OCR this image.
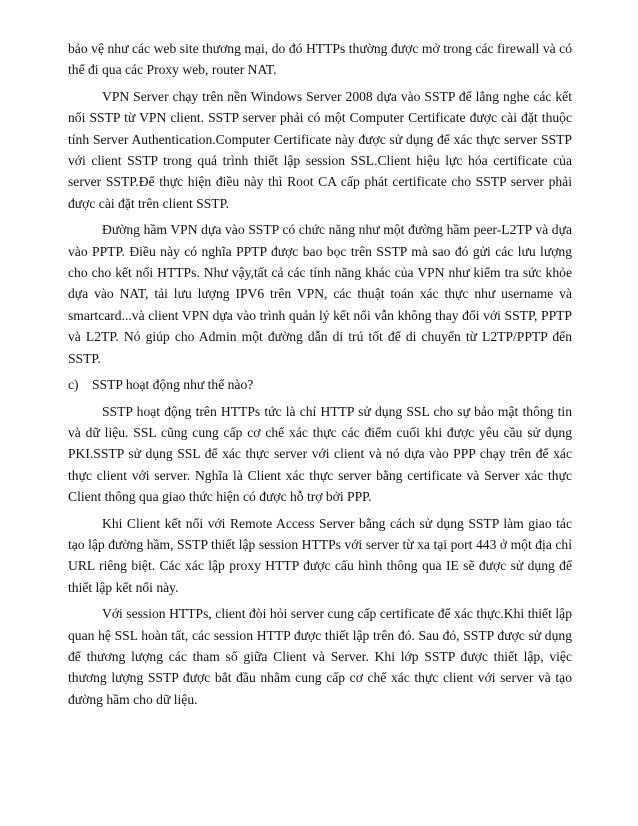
bảo vệ như các web site thương mại, do đó HTTPs thường được mở trong các firewall và có thể đi qua các Proxy web, router NAT.

VPN Server chạy trên nền Windows Server 2008 dựa vào SSTP để lắng nghe các kết nối SSTP từ VPN client. SSTP server phải có một Computer Certificate được cài đặt thuộc tính Server Authentication.Computer Certificate này được sử dụng để xác thực server SSTP với client SSTP trong quá trình thiết lập session SSL.Client hiệu lực hóa certificate của server SSTP.Để thực hiện điều này thì Root CA cấp phát certificate cho SSTP server phải được cài đặt trên client SSTP.

Đường hầm VPN dựa vào SSTP có chức năng như một đường hầm peer-L2TP và dựa vào PPTP. Điều này có nghĩa PPTP được bao bọc trên SSTP mà sao đó gửi các lưu lượng cho cho kết nối HTTPs. Như vậy,tất cả các tính năng khác của VPN như kiểm tra sức khỏe dựa vào NAT, tải lưu lượng IPV6 trên VPN, các thuật toán xác thực như username và smartcard...và client VPN dựa vào trình quản lý kết nối vẫn không thay đổi với SSTP, PPTP và L2TP. Nó giúp cho Admin một đường dẫn di trú tốt để di chuyển từ L2TP/PPTP đến SSTP.

c) SSTP hoạt động như thế nào?

SSTP hoạt động trên HTTPs tức là chỉ HTTP sử dụng SSL cho sự bảo mật thông tin và dữ liệu. SSL cũng cung cấp cơ chế xác thực các điểm cuối khi được yêu cầu sử dụng PKI.SSTP sử dụng SSL để xác thực server với client và nó dựa vào PPP chạy trên để xác thực client với server. Nghĩa là Client xác thực server bằng certificate và Server xác thực Client thông qua giao thức hiện có được hỗ trợ bởi PPP.

Khi Client kết nối với Remote Access Server bằng cách sử dụng SSTP làm giao tác tạo lập đường hầm, SSTP thiết lập session HTTPs với server từ xa tại port 443 ở một địa chỉ URL riêng biệt. Các xác lập proxy HTTP được cấu hình thông qua IE sẽ được sử dụng để thiết lập kết nối này.

Với session HTTPs, client đòi hỏi server cung cấp certificate để xác thực.Khi thiết lập quan hệ SSL hoàn tất, các session HTTP được thiết lập trên đó. Sau đó, SSTP được sử dụng để thương lượng các tham số giữa Client và Server. Khi lớp SSTP được thiết lập, việc thương lượng SSTP được bắt đầu nhằm cung cấp cơ chế xác thực client với server và tạo đường hầm cho dữ liệu.
